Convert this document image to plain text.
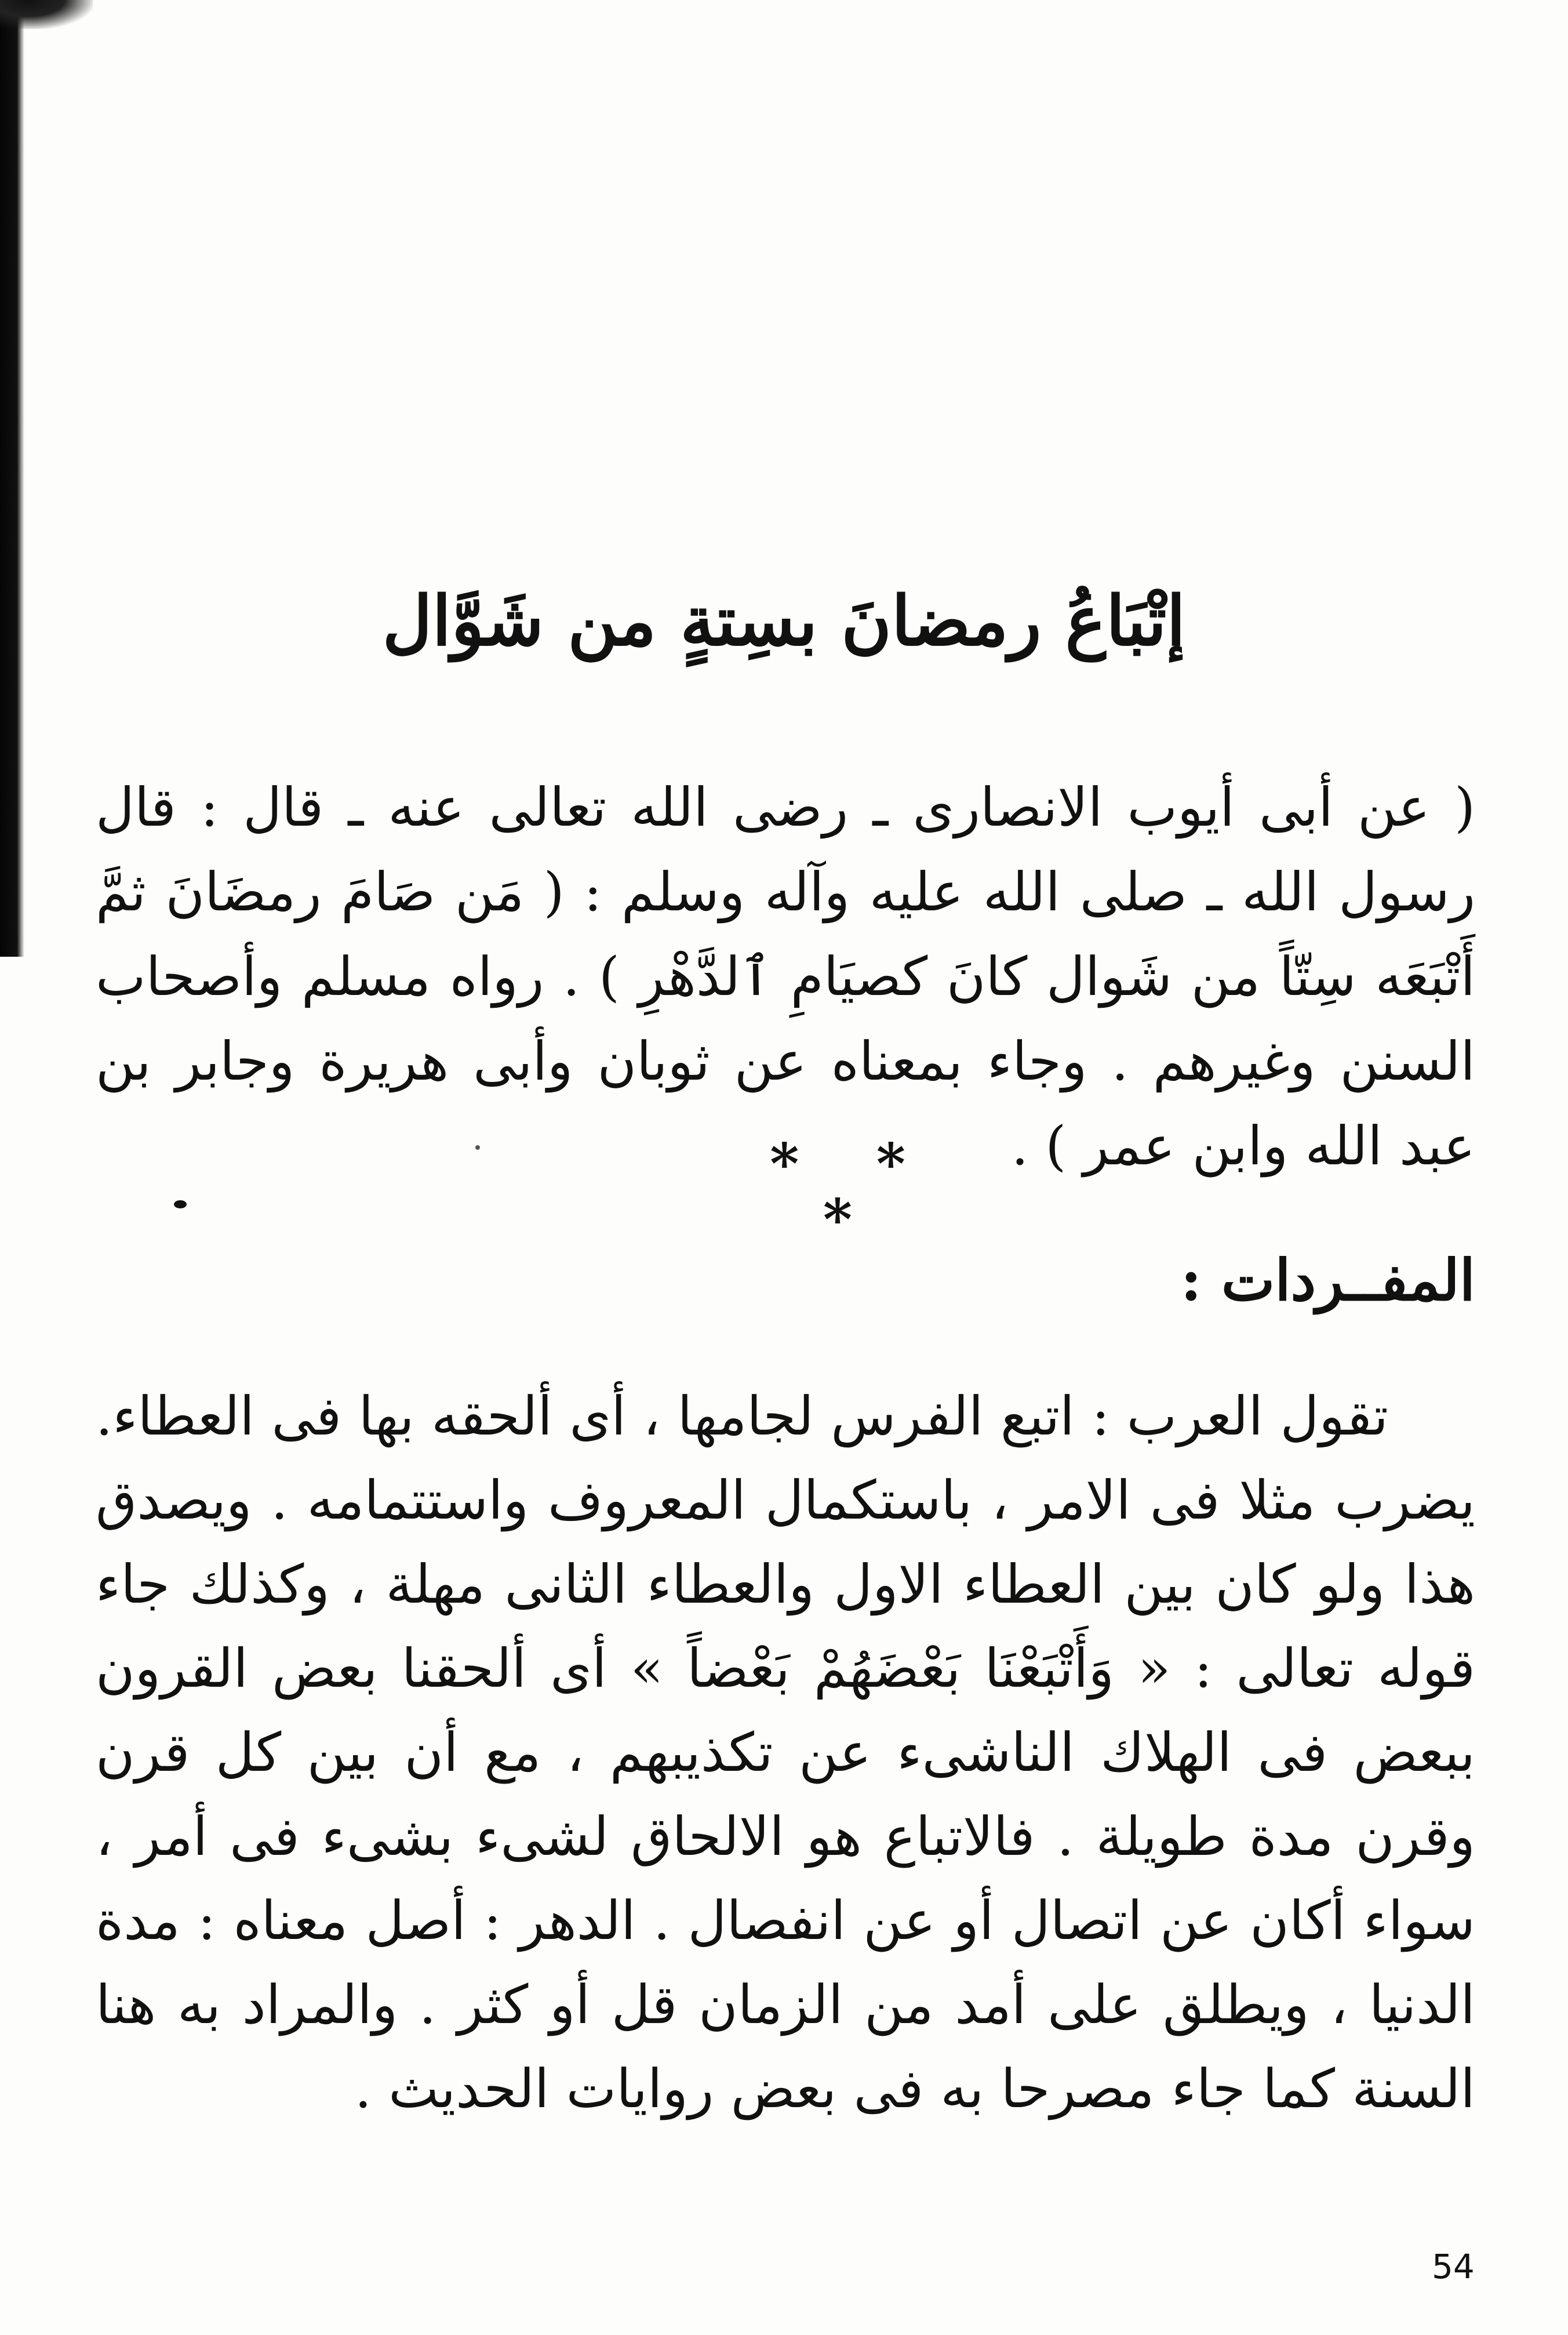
إتْبَاعُ رمضانَ بسِتةٍ من شَوَّال

( عن أبى أيوب الانصارى ـ رضى الله تعالى عنه ـ قال : قال رسول الله ـ صلى الله عليه وآله وسلم : ( مَن صَامَ رمضَانَ ثمَّ أَتْبَعَه سِتّاً من شَوال كانَ كصيَامِ ٱلدَّهْرِ ) . رواه مسلم وأصحاب السنن وغيرهم . وجاء بمعناه عن ثوبان وأبى هريرة وجابر بن عبد الله وابن عمر ) .

* * *
المفــردات :

تقول العرب : اتبع الفرس لجامها ، أى ألحقه بها فى العطاء. يضرب مثلا فى الامر ، باستكمال المعروف واستتمامه . ويصدق هذا ولو كان بين العطاء الاول والعطاء الثانى مهلة ، وكذلك جاء قوله تعالى : « وَأَتْبَعْنَا بَعْضَهُمْ بَعْضاً » أى ألحقنا بعض القرون ببعض فى الهلاك الناشىء عن تكذيبهم ، مع أن بين كل قرن وقرن مدة طويلة . فالاتباع هو الالحاق لشىء بشىء فى أمر ، سواء أكان عن اتصال أو عن انفصال . الدهر : أصل معناه : مدة الدنيا ، ويطلق على أمد من الزمان قل أو كثر . والمراد به هنا السنة كما جاء مصرحا به فى بعض روايات الحديث .

54
